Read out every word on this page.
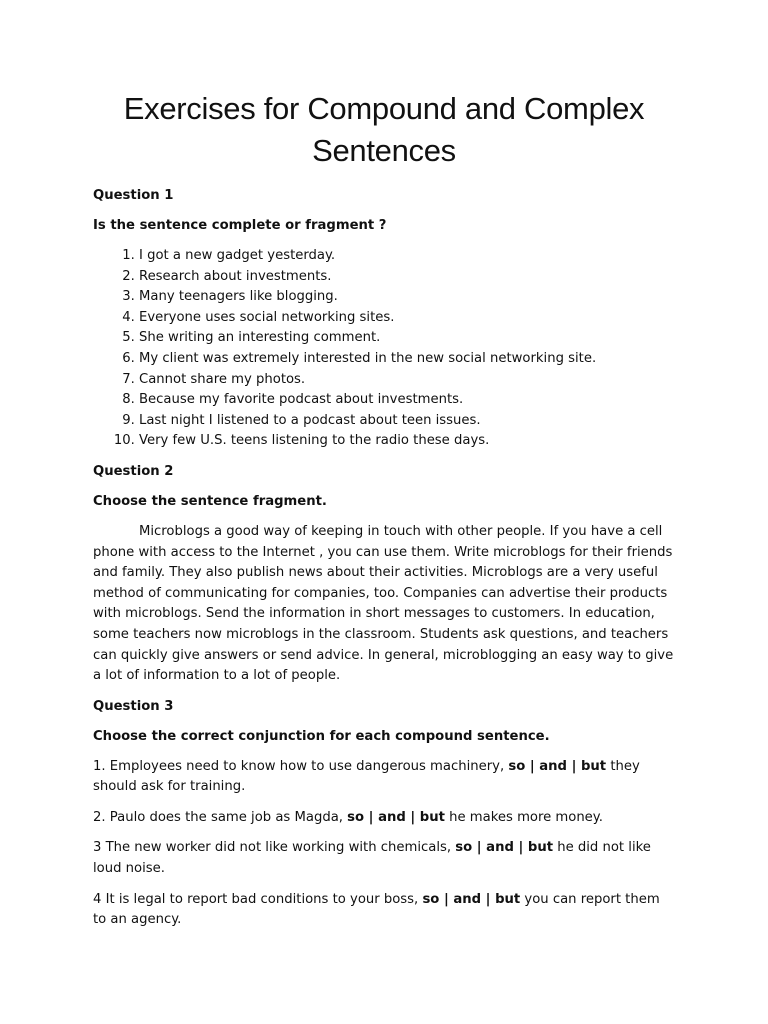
Exercises for Compound and Complex Sentences

Question 1

Is the sentence complete or fragment ?

1. I got a new gadget yesterday.
2. Research about investments.
3. Many teenagers like blogging.
4. Everyone uses social networking sites.
5. She writing an interesting comment.
6. My client was extremely interested in the new social networking site.
7. Cannot share my photos.
8. Because my favorite podcast about investments.
9. Last night I listened to a podcast about teen issues.
10. Very few U.S. teens listening to the radio these days.

Question 2

Choose the sentence fragment.

Microblogs a good way of keeping in touch with other people. If you have a cell phone with access to the Internet , you can use them. Write microblogs for their friends and family. They also publish news about their activities. Microblogs are a very useful method of communicating for companies, too. Companies can advertise their products with microblogs. Send the information in short messages to customers. In education, some teachers now microblogs in the classroom. Students ask questions, and teachers can quickly give answers or send advice. In general, microblogging an easy way to give a lot of information to a lot of people.

Question 3

Choose the correct conjunction for each compound sentence.

1. Employees need to know how to use dangerous machinery, so | and | but they should ask for training.

2. Paulo does the same job as Magda, so | and | but he makes more money.

3 The new worker did not like working with chemicals, so | and | but he did not like loud noise.

4 It is legal to report bad conditions to your boss, so | and | but you can report them to an agency.
